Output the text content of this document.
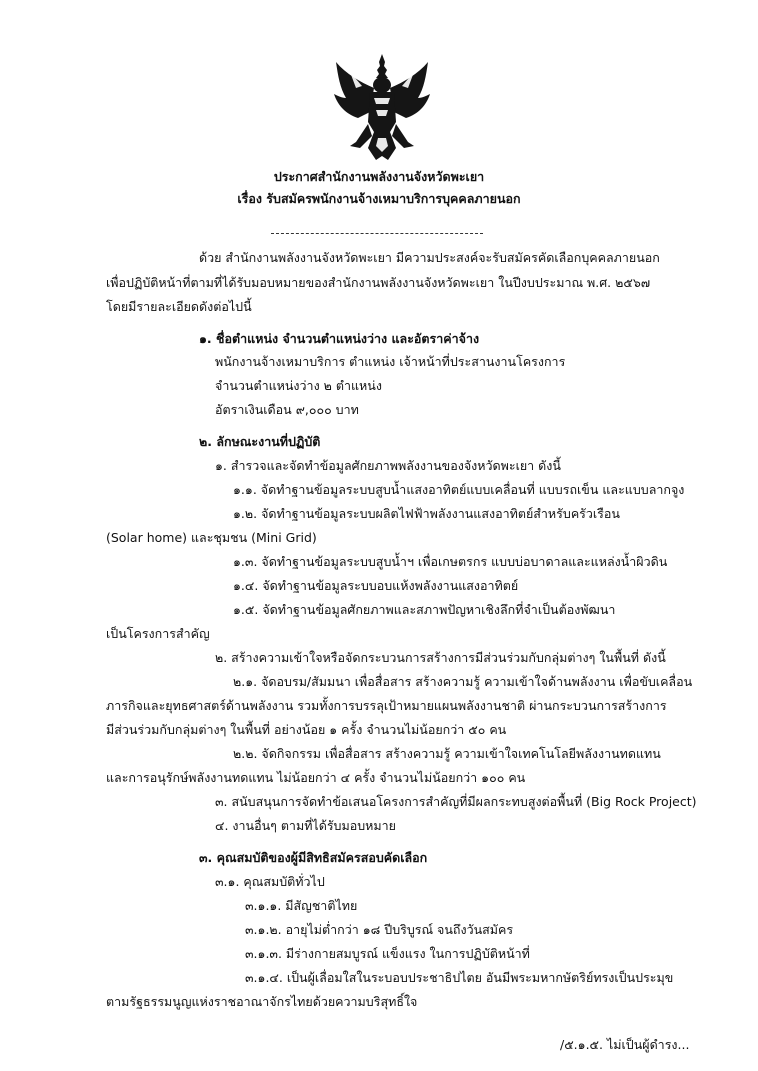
ประกาศสำนักงานพลังงานจังหวัดพะเยา
เรื่อง รับสมัครพนักงานจ้างเหมาบริการบุคคลภายนอก
ด้วย สำนักงานพลังงานจังหวัดพะเยา มีความประสงค์จะรับสมัครคัดเลือกบุคคลภายนอก
เพื่อปฏิบัติหน้าที่ตามที่ได้รับมอบหมายของสำนักงานพลังงานจังหวัดพะเยา ในปีงบประมาณ พ.ศ. ๒๕๖๗
โดยมีรายละเอียดดังต่อไปนี้
๑. ชื่อตำแหน่ง จำนวนตำแหน่งว่าง และอัตราค่าจ้าง
พนักงานจ้างเหมาบริการ ตำแหน่ง เจ้าหน้าที่ประสานงานโครงการ
จำนวนตำแหน่งว่าง ๒ ตำแหน่ง
อัตราเงินเดือน ๙,๐๐๐ บาท
๒. ลักษณะงานที่ปฏิบัติ
๑. สำรวจและจัดทำข้อมูลศักยภาพพลังงานของจังหวัดพะเยา ดังนี้
๑.๑. จัดทำฐานข้อมูลระบบสูบน้ำแสงอาทิตย์แบบเคลื่อนที่ แบบรถเข็น และแบบลากจูง
๑.๒. จัดทำฐานข้อมูลระบบผลิตไฟฟ้าพลังงานแสงอาทิตย์สำหรับครัวเรือน
(Solar home) และชุมชน (Mini Grid)
๑.๓. จัดทำฐานข้อมูลระบบสูบน้ำฯ เพื่อเกษตรกร แบบบ่อบาดาลและแหล่งน้ำผิวดิน
๑.๔. จัดทำฐานข้อมูลระบบอบแห้งพลังงานแสงอาทิตย์
๑.๕. จัดทำฐานข้อมูลศักยภาพและสภาพปัญหาเชิงลึกที่จำเป็นต้องพัฒนา
เป็นโครงการสำคัญ
๒. สร้างความเข้าใจหรือจัดกระบวนการสร้างการมีส่วนร่วมกับกลุ่มต่างๆ ในพื้นที่ ดังนี้
๒.๑. จัดอบรม/สัมมนา เพื่อสื่อสาร สร้างความรู้ ความเข้าใจด้านพลังงาน เพื่อขับเคลื่อน
ภารกิจและยุทธศาสตร์ด้านพลังงาน รวมทั้งการบรรลุเป้าหมายแผนพลังงานชาติ ผ่านกระบวนการสร้างการ
มีส่วนร่วมกับกลุ่มต่างๆ ในพื้นที่ อย่างน้อย ๑ ครั้ง จำนวนไม่น้อยกว่า ๕๐ คน
๒.๒. จัดกิจกรรม เพื่อสื่อสาร สร้างความรู้ ความเข้าใจเทคโนโลยีพลังงานทดแทน
และการอนุรักษ์พลังงานทดแทน ไม่น้อยกว่า ๔ ครั้ง จำนวนไม่น้อยกว่า ๑๐๐ คน
๓. สนับสนุนการจัดทำข้อเสนอโครงการสำคัญที่มีผลกระทบสูงต่อพื้นที่ (Big Rock Project)
๔. งานอื่นๆ ตามที่ได้รับมอบหมาย
๓. คุณสมบัติของผู้มีสิทธิสมัครสอบคัดเลือก
๓.๑. คุณสมบัติทั่วไป
๓.๑.๑. มีสัญชาติไทย
๓.๑.๒. อายุไม่ต่ำกว่า ๑๘ ปีบริบูรณ์ จนถึงวันสมัคร
๓.๑.๓. มีร่างกายสมบูรณ์ แข็งแรง ในการปฏิบัติหน้าที่
๓.๑.๔. เป็นผู้เลื่อมใสในระบอบประชาธิปไตย อันมีพระมหากษัตริย์ทรงเป็นประมุข
ตามรัฐธรรมนูญแห่งราชอาณาจักรไทยด้วยความบริสุทธิ์ใจ
/๕.๑.๕. ไม่เป็นผู้ดำรง...
